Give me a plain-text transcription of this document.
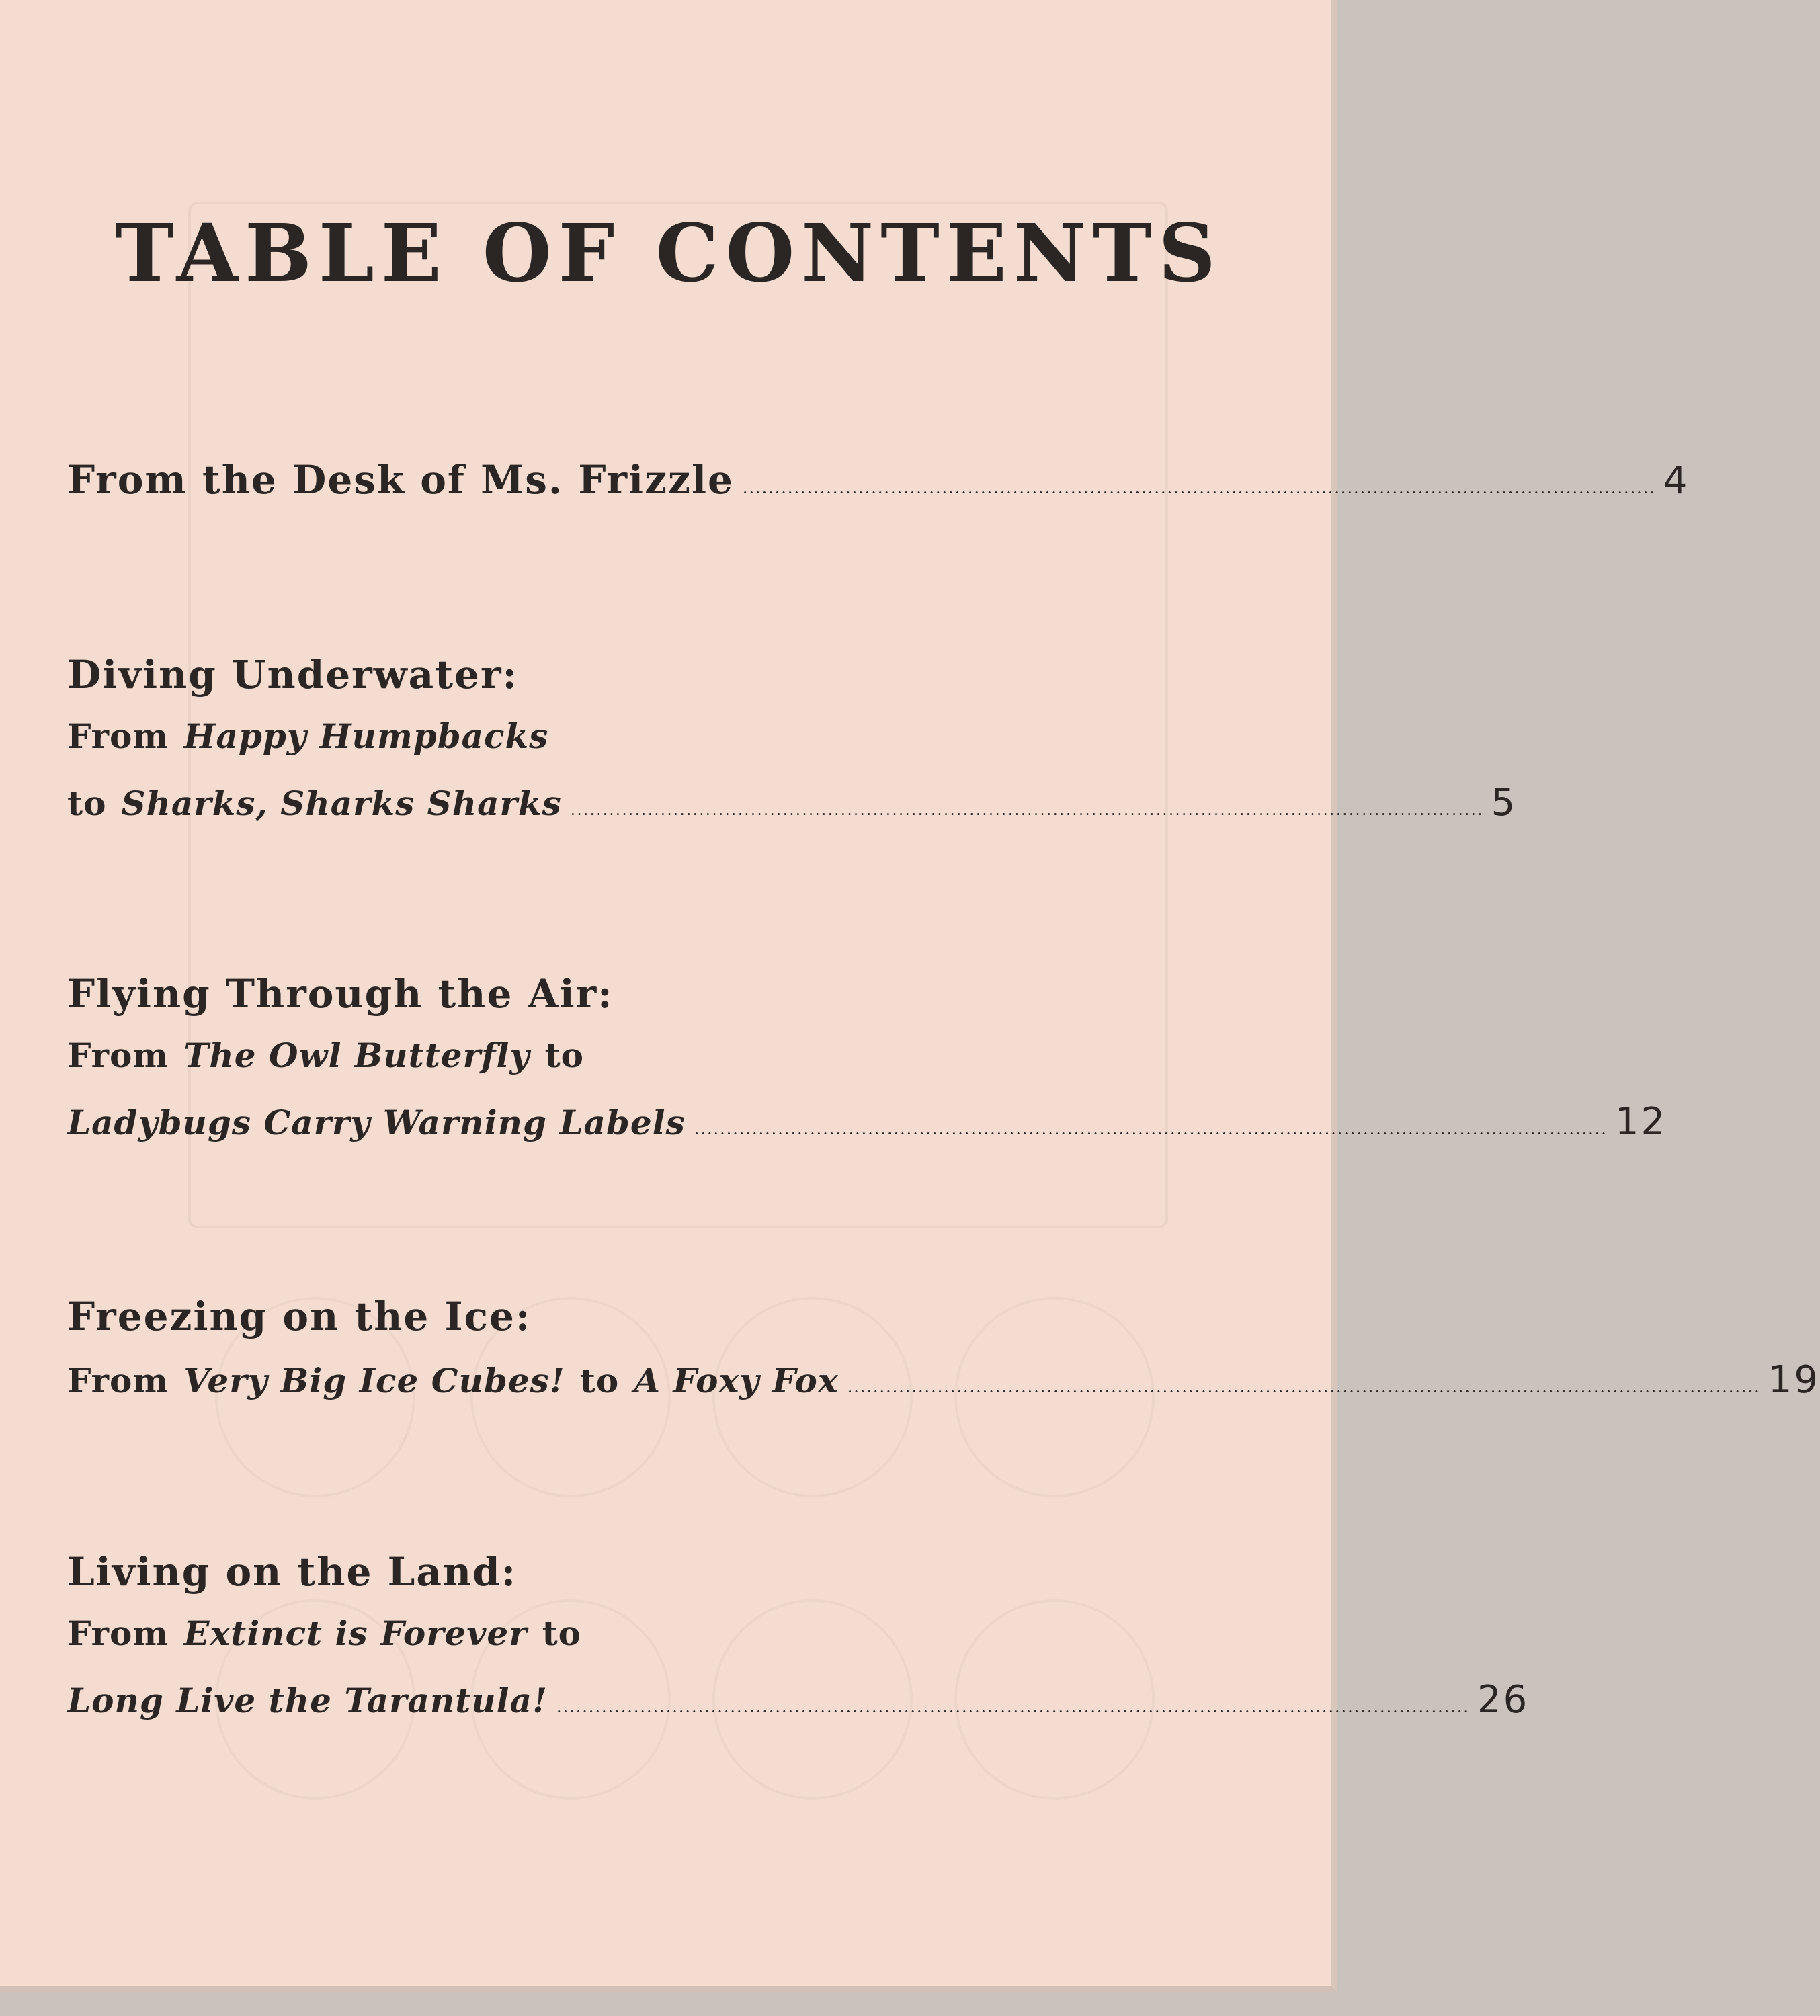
TABLE OF CONTENTS
From the Desk of Ms. Frizzle .............................................................................................................................................. 4
Diving Underwater:
From Happy Humpbacks
to Sharks, Sharks Sharks .............................................................................................................................................. 5
Flying Through the Air:
From The Owl Butterfly to
Ladybugs Carry Warning Labels .............................................................................................................................................. 12
Freezing on the Ice:
From Very Big Ice Cubes! to A Foxy Fox .............................................................................................................................................. 19
Living on the Land:
From Extinct is Forever to
Long Live the Tarantula! .............................................................................................................................................. 26
